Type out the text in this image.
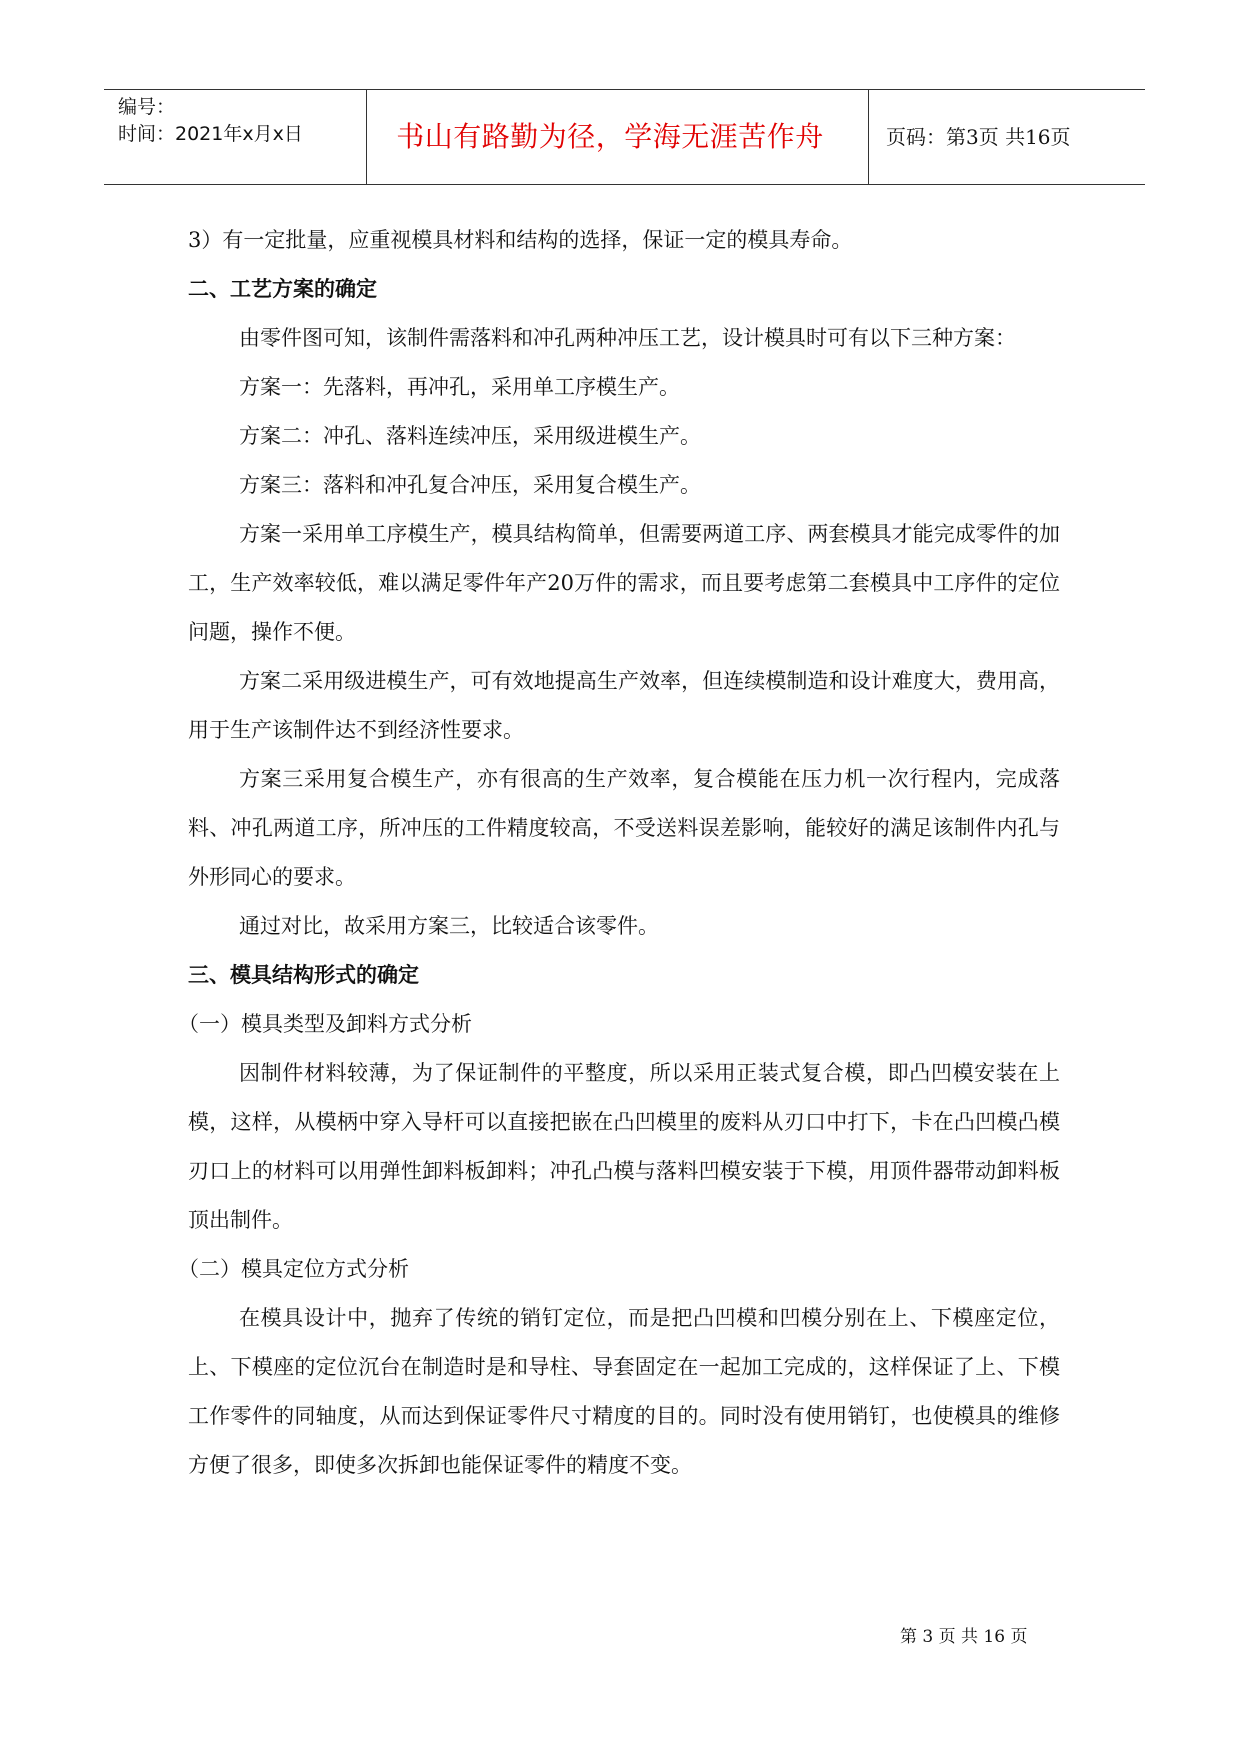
编号：
时间：2021年x月x日	书山有路勤为径，学海无涯苦作舟	页码：第3页 共16页

3）有一定批量，应重视模具材料和结构的选择，保证一定的模具寿命。

二、工艺方案的确定

由零件图可知，该制件需落料和冲孔两种冲压工艺，设计模具时可有以下三种方案：

方案一：先落料，再冲孔，采用单工序模生产。

方案二：冲孔、落料连续冲压，采用级进模生产。

方案三：落料和冲孔复合冲压，采用复合模生产。

方案一采用单工序模生产，模具结构简单，但需要两道工序、两套模具才能完成零件的加工，生产效率较低，难以满足零件年产20万件的需求，而且要考虑第二套模具中工序件的定位问题，操作不便。

方案二采用级进模生产，可有效地提高生产效率，但连续模制造和设计难度大，费用高，用于生产该制件达不到经济性要求。

方案三采用复合模生产，亦有很高的生产效率，复合模能在压力机一次行程内，完成落料、冲孔两道工序，所冲压的工件精度较高，不受送料误差影响，能较好的满足该制件内孔与外形同心的要求。

通过对比，故采用方案三，比较适合该零件。

三、模具结构形式的确定

（一）模具类型及卸料方式分析

因制件材料较薄，为了保证制件的平整度，所以采用正装式复合模，即凸凹模安装在上模，这样，从模柄中穿入导杆可以直接把嵌在凸凹模里的废料从刃口中打下，卡在凸凹模凸模刃口上的材料可以用弹性卸料板卸料；冲孔凸模与落料凹模安装于下模，用顶件器带动卸料板顶出制件。

（二）模具定位方式分析

在模具设计中，抛弃了传统的销钉定位，而是把凸凹模和凹模分别在上、下模座定位，上、下模座的定位沉台在制造时是和导柱、导套固定在一起加工完成的，这样保证了上、下模工作零件的同轴度，从而达到保证零件尺寸精度的目的。同时没有使用销钉，也使模具的维修方便了很多，即使多次拆卸也能保证零件的精度不变。

第 3 页 共 16 页
